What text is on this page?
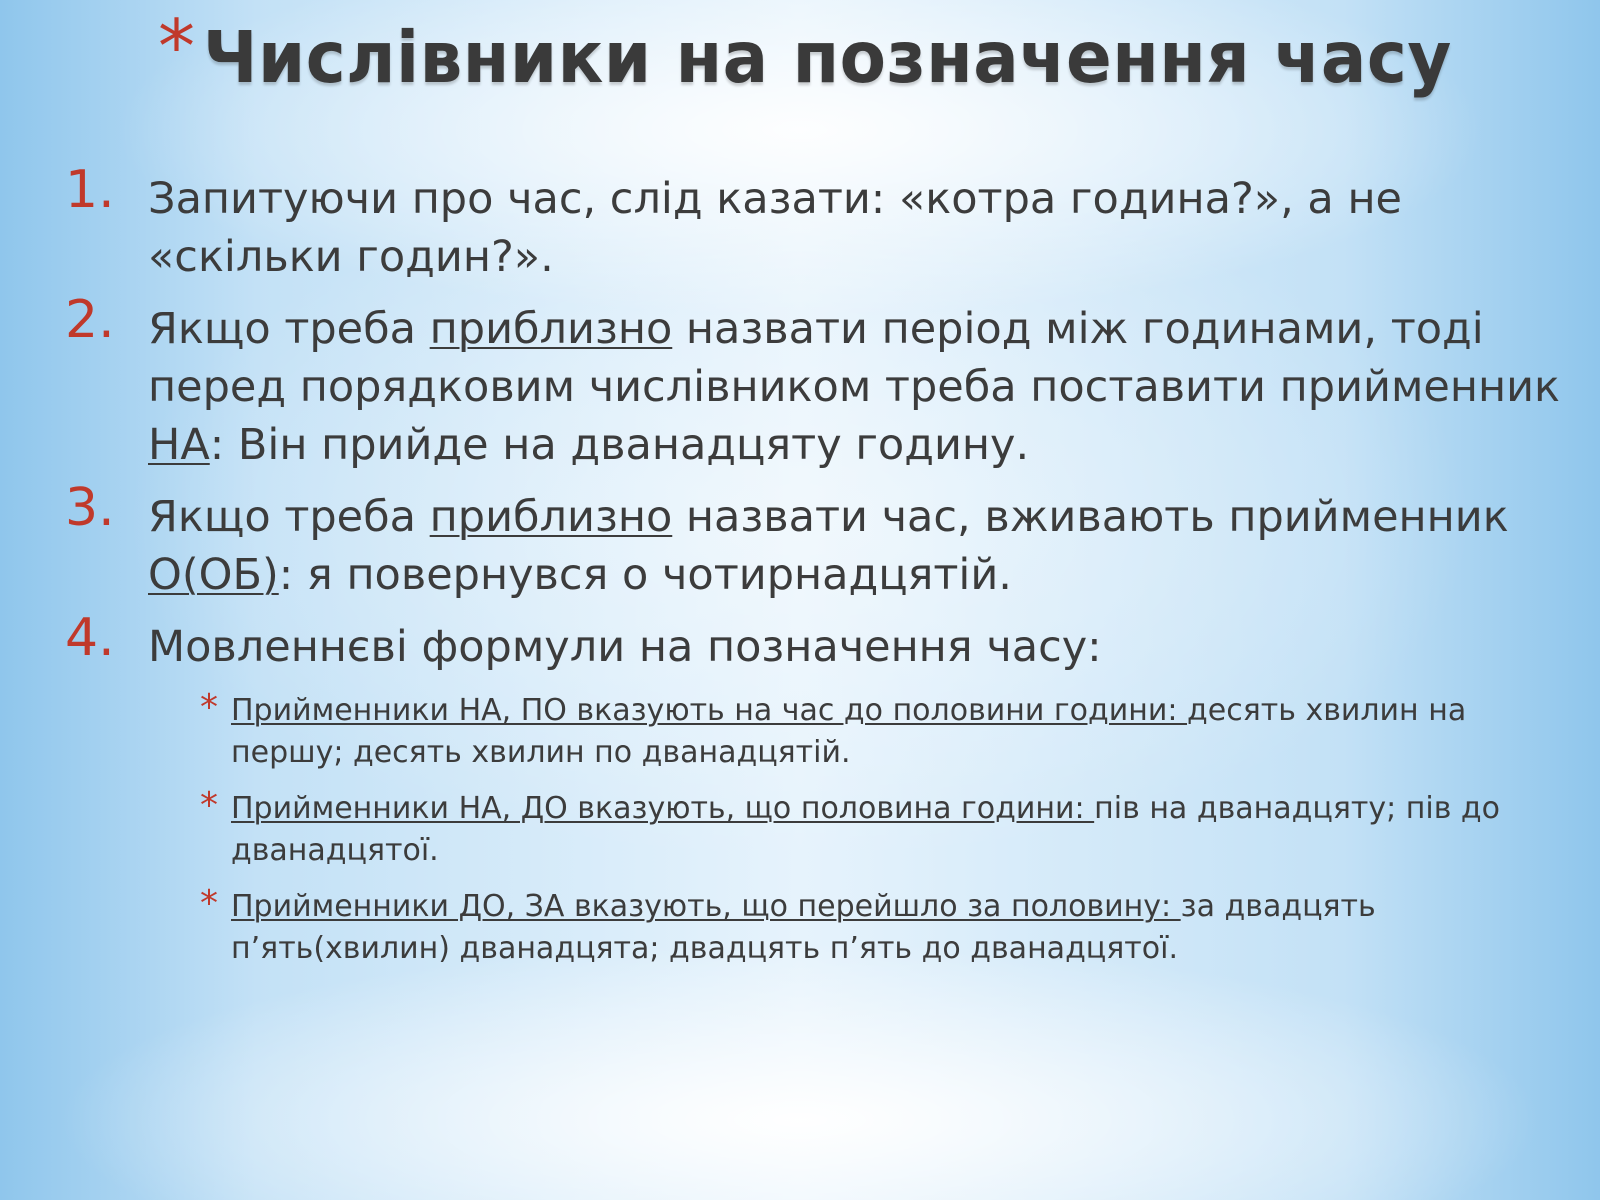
* Числівники на позначення часу
1. Запитуючи про час, слід казати: «котра година?», а не «скільки годин?».
2. Якщо треба приблизно назвати період між годинами, тоді перед порядковим числівником треба поставити прийменник НА: Він прийде на дванадцяту годину.
3. Якщо треба приблизно назвати час, вживають прийменник О(ОБ): я повернувся о чотирнадцятій.
4. Мовленнєві формули на позначення часу:
* Прийменники НА, ПО вказують на час до половини години: десять хвилин на першу; десять хвилин по дванадцятій.
* Прийменники НА, ДО вказують, що половина години: пів на дванадцяту; пів до дванадцятої.
* Прийменники ДО, ЗА вказують, що перейшло за половину: за двадцять п’ять(хвилин) дванадцята; двадцять п’ять до дванадцятої.
